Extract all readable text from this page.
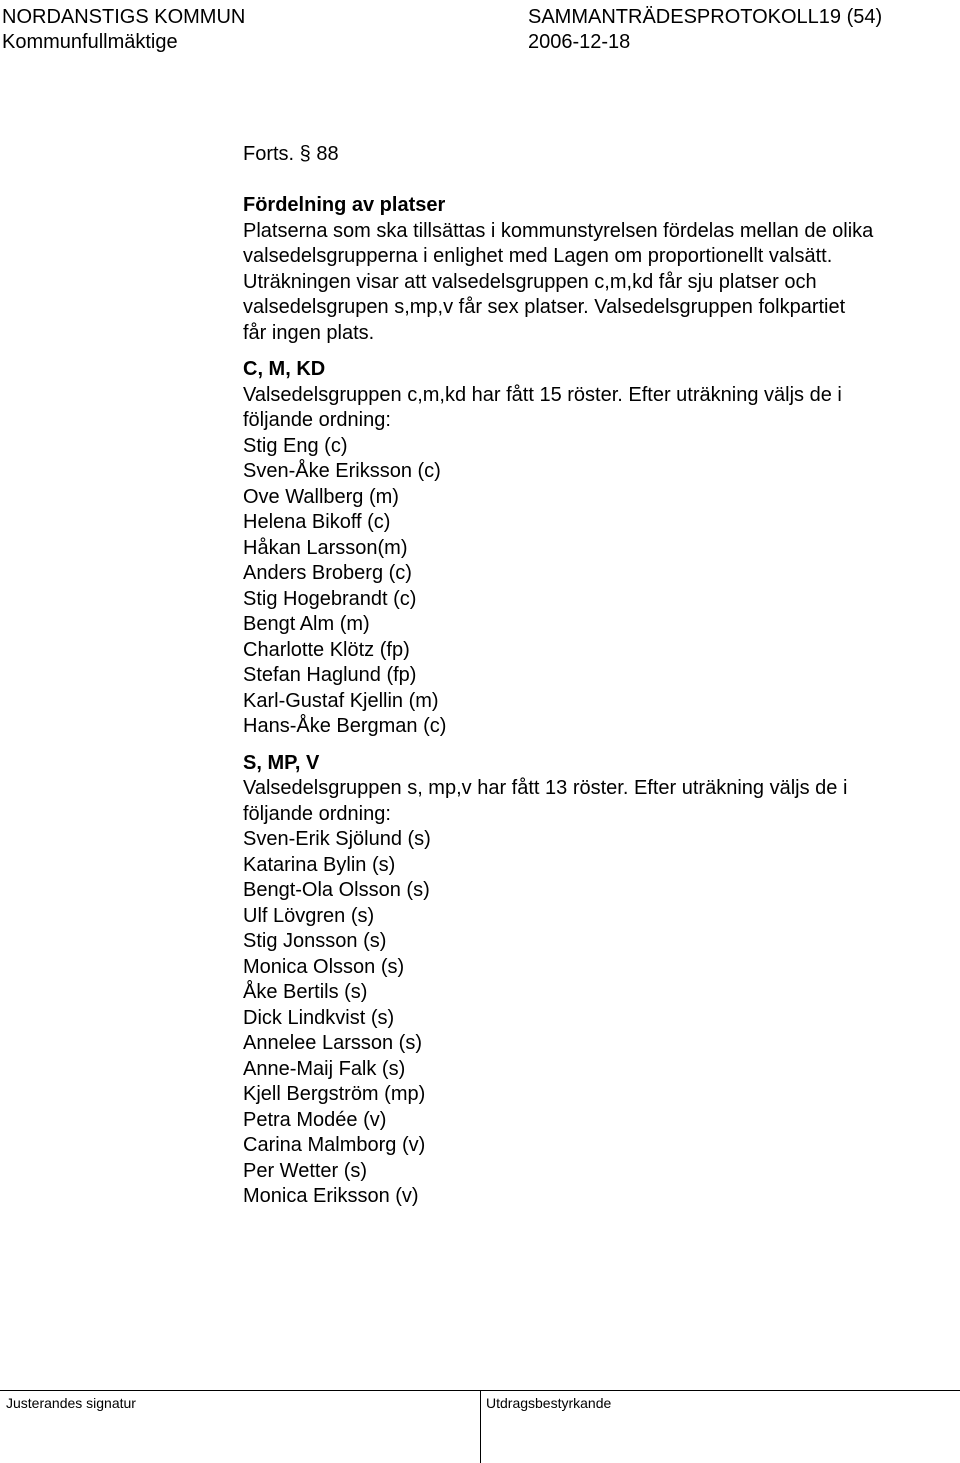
NORDANSTIGS KOMMUN
Kommunfullmäktige
SAMMANTRÄDESPROTOKOLL19 (54)
2006-12-18
Forts. § 88
Fördelning av platser
Platserna som ska tillsättas i kommunstyrelsen fördelas mellan de olika
valsedelsgrupperna i enlighet med Lagen om proportionellt valsätt.
Uträkningen visar att valsedelsgruppen c,m,kd får sju platser och
valsedelsgrupen s,mp,v får sex platser. Valsedelsgruppen folkpartiet
får ingen plats.
C, M, KD
Valsedelsgruppen c,m,kd har fått 15 röster. Efter uträkning väljs de i
följande ordning:
Stig Eng (c)
Sven-Åke Eriksson (c)
Ove Wallberg (m)
Helena Bikoff (c)
Håkan Larsson(m)
Anders Broberg (c)
Stig Hogebrandt (c)
Bengt Alm (m)
Charlotte Klötz (fp)
Stefan Haglund (fp)
Karl-Gustaf Kjellin (m)
Hans-Åke Bergman (c)
S, MP, V
Valsedelsgruppen s, mp,v har fått 13 röster. Efter uträkning väljs de i
följande ordning:
Sven-Erik Sjölund (s)
Katarina Bylin (s)
Bengt-Ola Olsson (s)
Ulf Lövgren (s)
Stig Jonsson (s)
Monica Olsson (s)
Åke Bertils (s)
Dick Lindkvist (s)
Annelee Larsson (s)
Anne-Maij Falk (s)
Kjell Bergström (mp)
Petra Modée (v)
Carina Malmborg (v)
Per Wetter (s)
Monica Eriksson (v)
Justerandes signatur	Utdragsbestyrkande
